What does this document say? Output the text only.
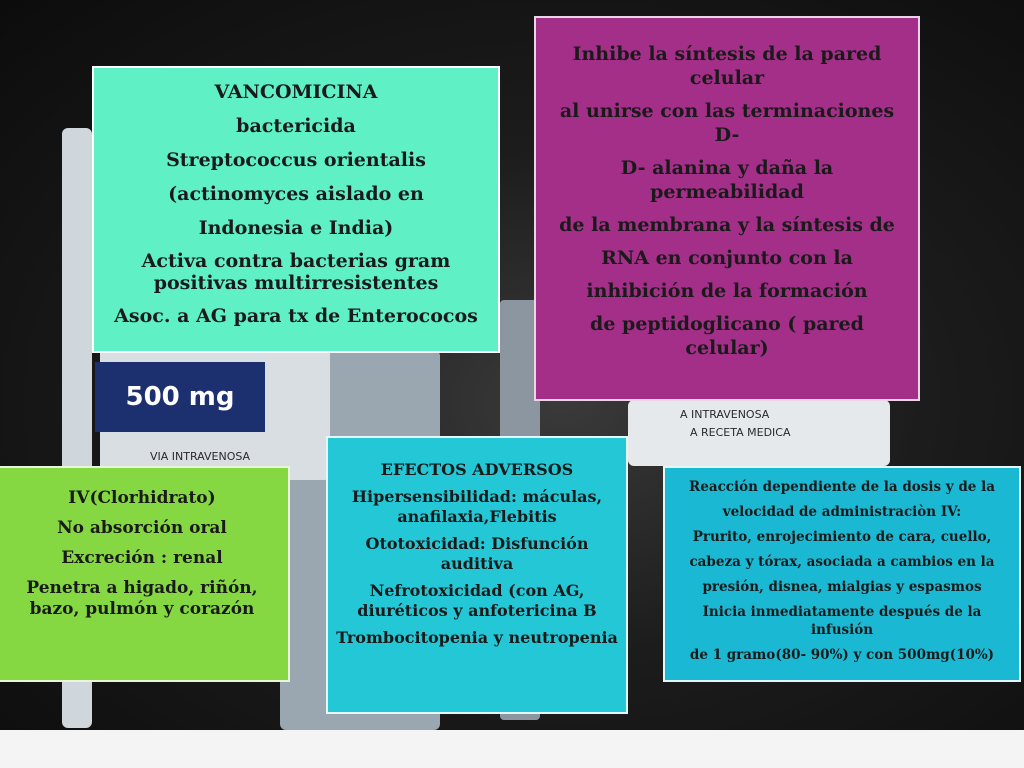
500 mg
VIA INTRAVENOSA
A INTRAVENOSA
A RECETA MEDICA

VANCOMICINA

bactericida

Streptococcus orientalis

(actinomyces aislado en

Indonesia e India)

Activa contra bacterias gram positivas multirresistentes

Asoc. a AG para tx de Enterococos

Inhibe la síntesis de la pared celular

al unirse con las terminaciones D-

D- alanina y daña la permeabilidad

de la membrana y la síntesis de

RNA en conjunto con la

inhibición de la formación

de peptidoglicano ( pared celular)

IV(Clorhidrato)

No absorción oral

Excreción : renal

Penetra a higado, riñón, bazo, pulmón y corazón

EFECTOS ADVERSOS

Hipersensibilidad: máculas, anafilaxia,Flebitis

Ototoxicidad: Disfunción auditiva

Nefrotoxicidad (con AG, diuréticos y anfotericina B

Trombocitopenia y neutropenia

Reacción dependiente de la dosis y de la

velocidad de administraciòn IV:

Prurito, enrojecimiento de cara, cuello,

cabeza y tórax, asociada a cambios en la

presión, disnea, mialgias y espasmos

Inicia inmediatamente después de la infusión

de 1 gramo(80- 90%) y con 500mg(10%)
